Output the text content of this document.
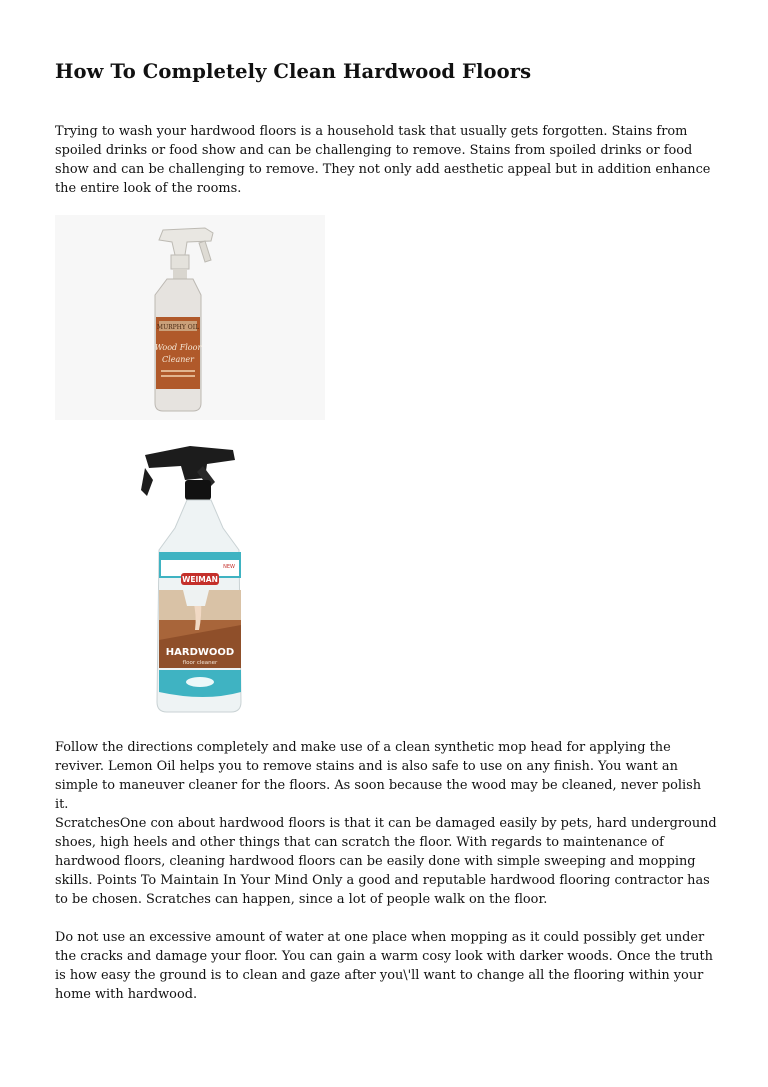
How To Completely Clean Hardwood Floors

Trying to wash your hardwood floors is a household task that usually gets forgotten. Stains from spoiled drinks or food show and can be challenging to remove. Stains from spoiled drinks or food show and can be challenging to remove. They not only add aesthetic appeal but in addition enhance the entire look of the rooms.

MURPHY OIL
Wood Floor
Cleaner
WEIMAN
NEW
HARDWOOD
floor cleaner

Follow the directions completely and make use of a clean synthetic mop head for applying the reviver. Lemon Oil helps you to remove stains and is also safe to use on any finish. You want an simple to maneuver cleaner for the floors. As soon because the wood may be cleaned, never polish it.

ScratchesOne con about hardwood floors is that it can be damaged easily by pets, hard underground shoes, high heels and other things that can scratch the floor. With regards to maintenance of hardwood floors, cleaning hardwood floors can be easily done with simple sweeping and mopping skills. Points To Maintain In Your Mind Only a good and reputable hardwood flooring contractor has to be chosen. Scratches can happen, since a lot of people walk on the floor.

Do not use an excessive amount of water at one place when mopping as it could possibly get under the cracks and damage your floor. You can gain a warm cosy look with darker woods. Once the truth is how easy the ground is to clean and gaze after you\'ll want to change all the flooring within your home with hardwood.
